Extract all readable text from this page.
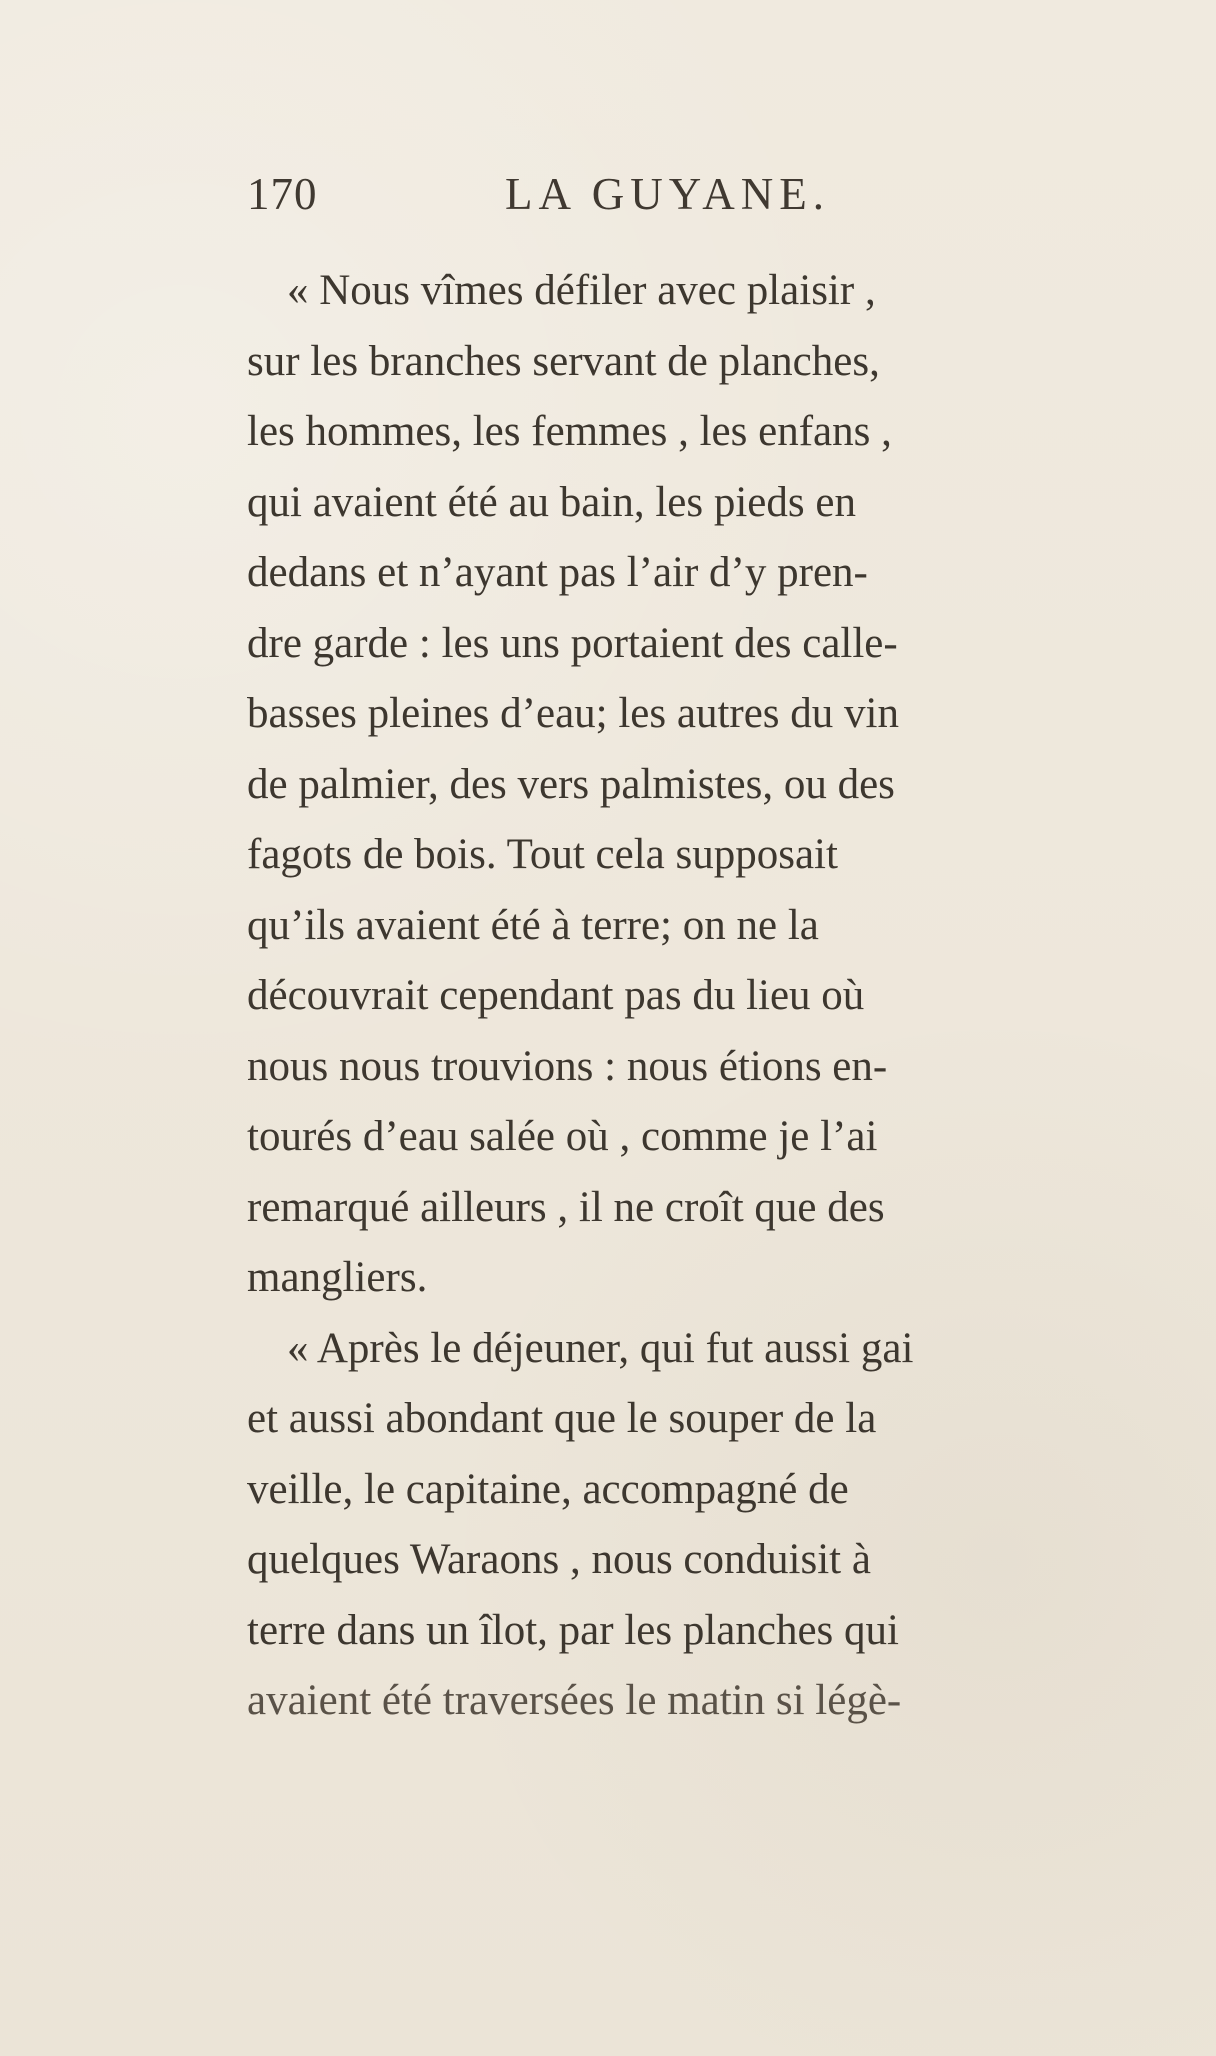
170	LA GUYANE.
« Nous vîmes défiler avec plaisir ,
sur les branches servant de planches,
les hommes, les femmes , les enfans ,
qui avaient été au bain, les pieds en
dedans et n’ayant pas l’air d’y pren-
dre garde : les uns portaient des calle-
basses pleines d’eau; les autres du vin
de palmier, des vers palmistes, ou des
fagots de bois. Tout cela supposait
qu’ils avaient été à terre; on ne la
découvrait cependant pas du lieu où
nous nous trouvions : nous étions en-
tourés d’eau salée où , comme je l’ai
remarqué ailleurs , il ne croît que des
mangliers.
« Après le déjeuner, qui fut aussi gai
et aussi abondant que le souper de la
veille, le capitaine, accompagné de
quelques Waraons , nous conduisit à
terre dans un îlot, par les planches qui
avaient été traversées le matin si légè-
